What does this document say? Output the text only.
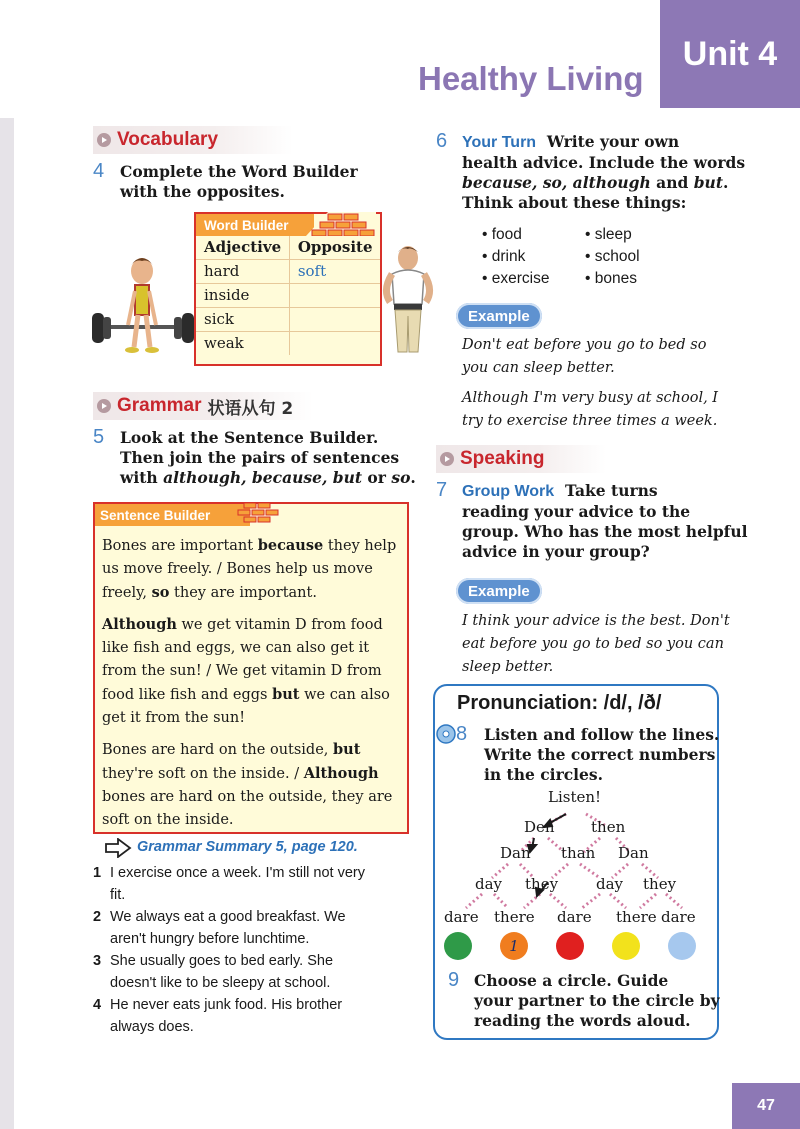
Unit 4
Healthy Living
47
Vocabulary
4 Complete the Word Builder
with the opposites.
Word Builder
Adjective	Opposite
hard	soft
inside	
sick	
weak	
Grammar 状语从句 2
5 Look at the Sentence Builder.
Then join the pairs of sentences
with although, because, but or so.
Sentence Builder

Bones are important because they help us move freely. / Bones help us move freely, so they are important.

Although we get vitamin D from food like fish and eggs, we can also get it from the sun! / We get vitamin D from food like fish and eggs but we can also get it from the sun!

Bones are hard on the outside, but they're soft on the inside. / Although bones are hard on the outside, they are soft on the inside.

Grammar Summary 5, page 120.
1 I exercise once a week. I'm still not very
fit.
2 We always eat a good breakfast. We
aren't hungry before lunchtime.
3 She usually goes to bed early. She
doesn't like to be sleepy at school.
4 He never eats junk food. His brother
always does.
6 Your Turn Write your own
health advice. Include the words
because, so, although and but.
Think about these things:
• food
• drink
• exercise
• sleep
• school
• bones
Example
Don't eat before you go to bed so
you can sleep better.
Although I'm very busy at school, I
try to exercise three times a week.
Speaking
7 Group Work Take turns
reading your advice to the
group. Who has the most helpful
advice in your group?
Example
I think your advice is the best. Don't
eat before you go to bed so you can
sleep better.
Pronunciation: /d/, /ð/
8 Listen and follow the lines.
Write the correct numbers
in the circles.
Listen!
Den then
Dan than Dan
day they	day they
dare there dare there dare
1
9 Choose a circle. Guide
your partner to the circle by
reading the words aloud.
